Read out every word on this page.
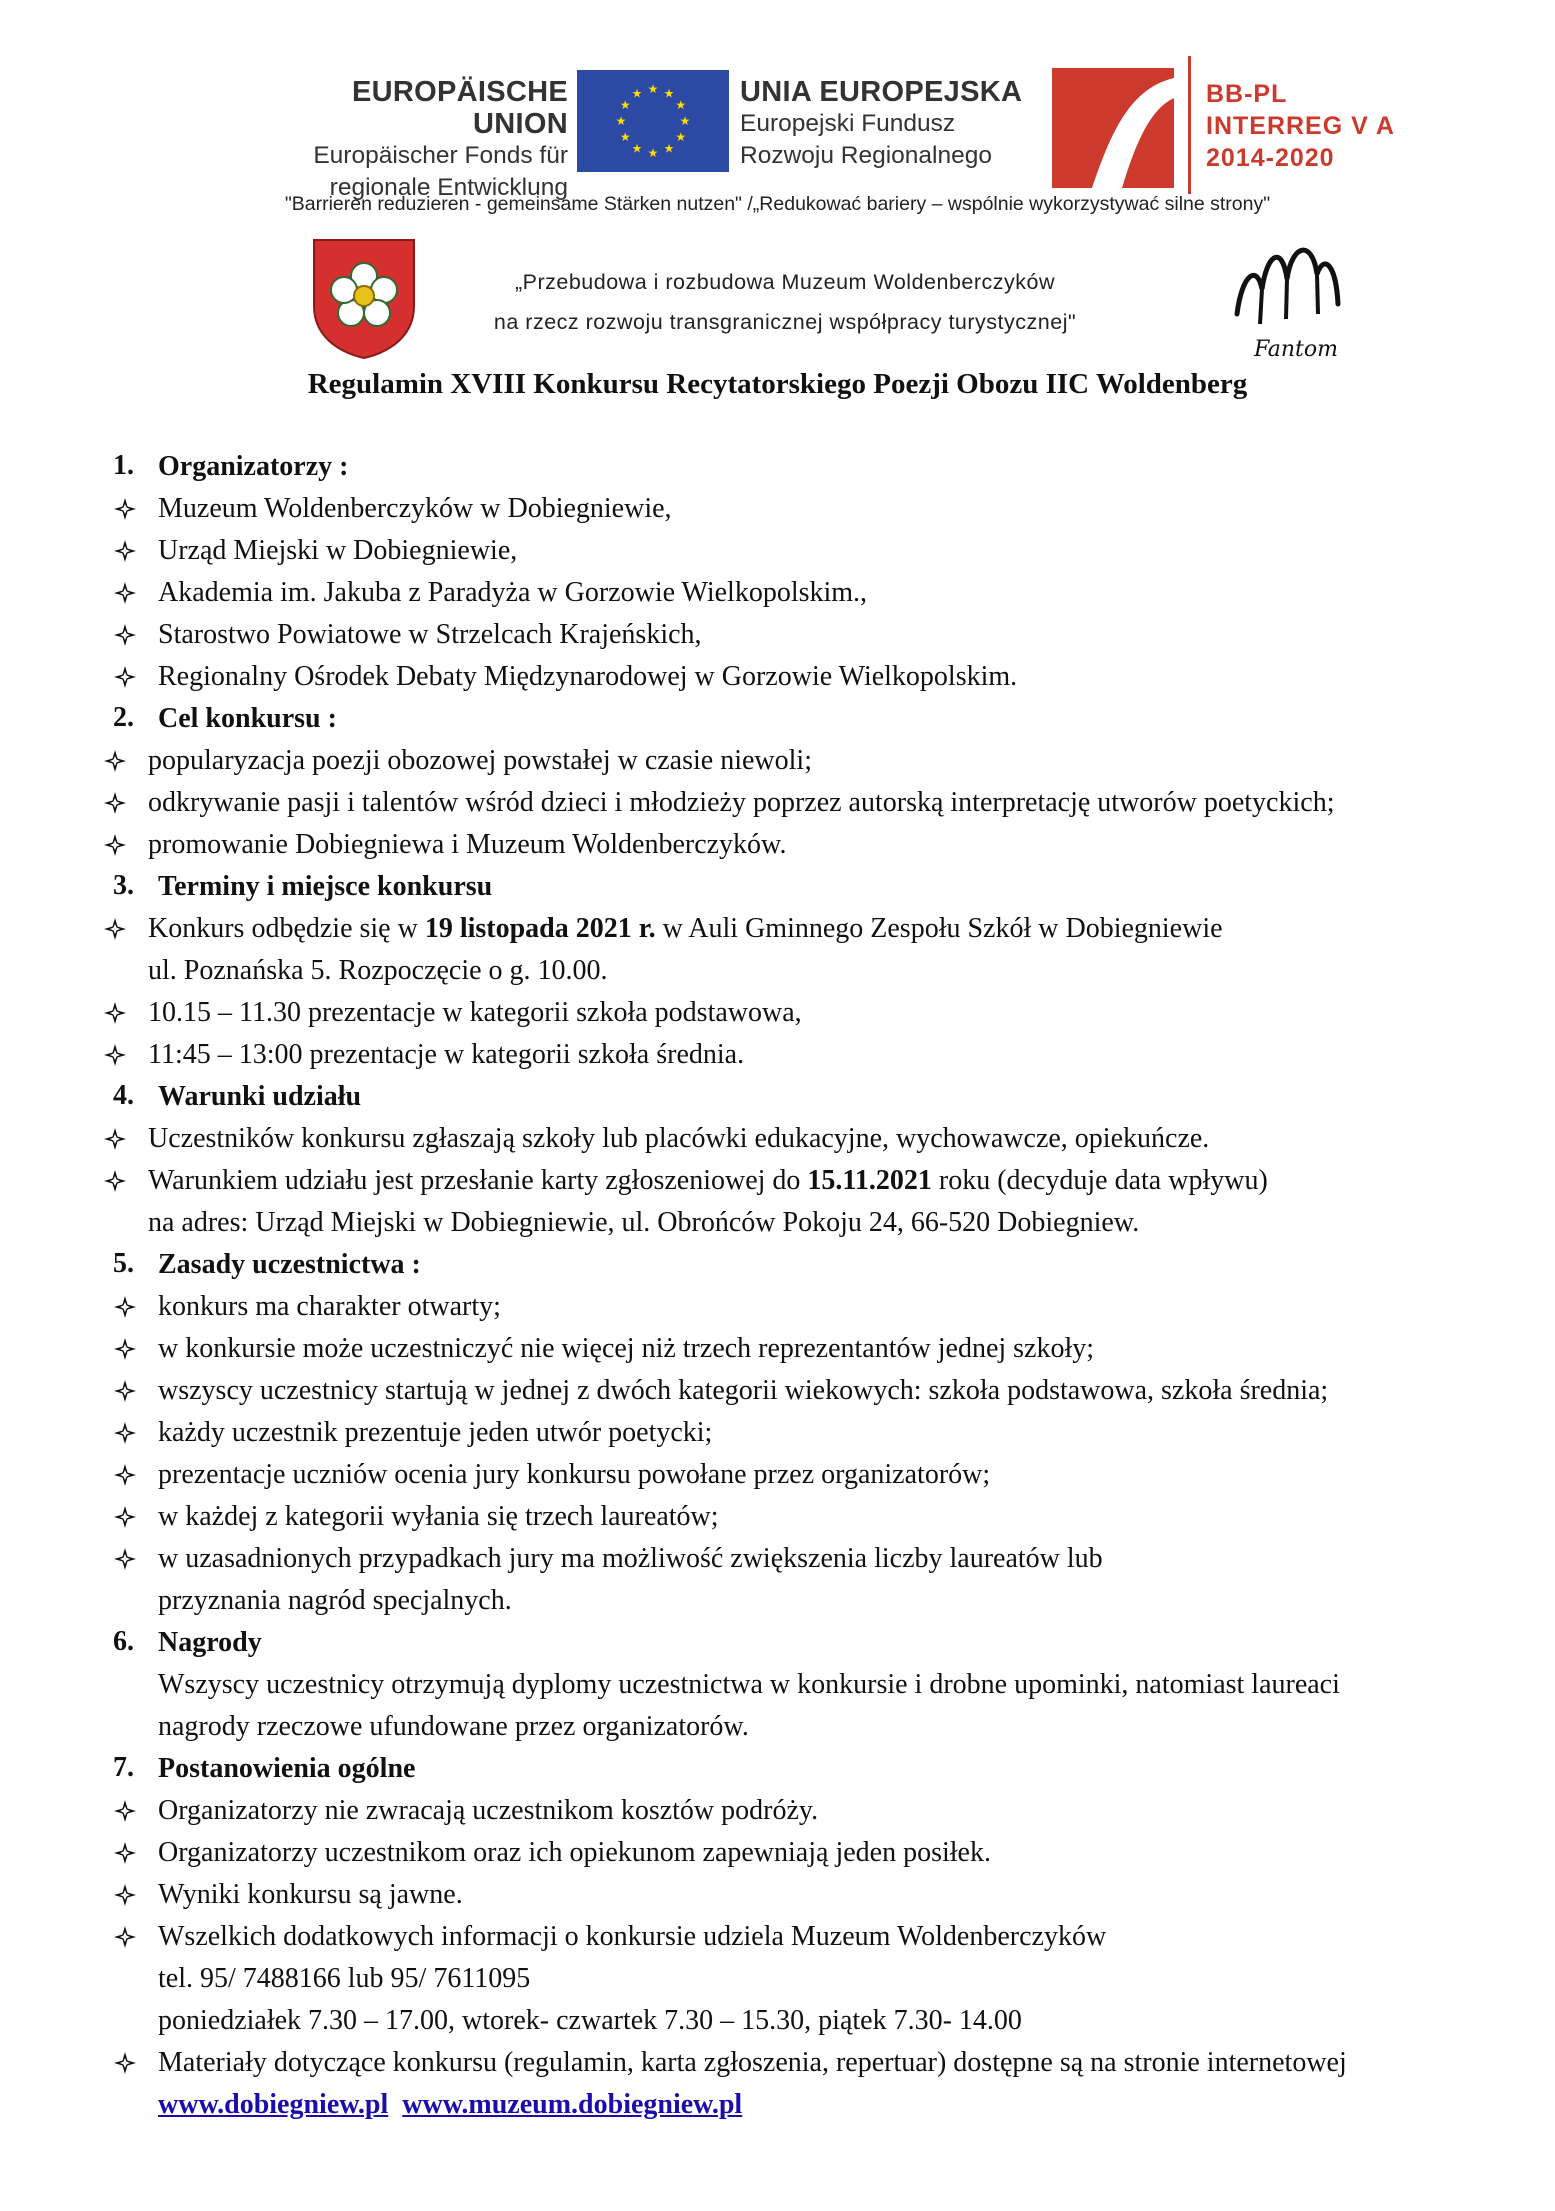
EUROPÄISCHE UNION
Europäischer Fonds für
regionale Entwicklung
★ ★
★
★
★
★
★
★
★
★
★
★	UNIA EUROPEJSKA
Europejski Fundusz
Rozwoju Regionalnego
BB-PL
INTERREG V A
2014-2020
"Barrieren reduzieren - gemeinsame Stärken nutzen" /„Redukować bariery – wspólnie wykorzystywać silne strony"
„Przebudowa i rozbudowa Muzeum Woldenberczyków
na rzecz rozwoju transgranicznej współpracy turystycznej"
Fantom
Regulamin XVIII Konkursu Recytatorskiego Poezji Obozu IIC Woldenberg
1. Organizatorzy :
Muzeum Woldenberczyków w Dobiegniewie,
Urząd Miejski w Dobiegniewie,
Akademia im. Jakuba z Paradyża w Gorzowie Wielkopolskim.,
Starostwo Powiatowe w Strzelcach Krajeńskich,
Regionalny Ośrodek Debaty Międzynarodowej w Gorzowie Wielkopolskim.
2. Cel konkursu :
popularyzacja poezji obozowej powstałej w czasie niewoli;
odkrywanie pasji i talentów wśród dzieci i młodzieży poprzez autorską interpretację utworów poetyckich;
promowanie Dobiegniewa i Muzeum Woldenberczyków.
3. Terminy i miejsce konkursu
Konkurs odbędzie się w 19 listopada 2021 r. w Auli Gminnego Zespołu Szkół w Dobiegniewie
ul. Poznańska 5. Rozpoczęcie o g. 10.00.
10.15 – 11.30 prezentacje w kategorii szkoła podstawowa,
11:45 – 13:00 prezentacje w kategorii szkoła średnia.
4. Warunki udziału
Uczestników konkursu zgłaszają szkoły lub placówki edukacyjne, wychowawcze, opiekuńcze.
Warunkiem udziału jest przesłanie karty zgłoszeniowej do 15.11.2021 roku (decyduje data wpływu)
na adres: Urząd Miejski w Dobiegniewie, ul. Obrońców Pokoju 24, 66-520 Dobiegniew.
5. Zasady uczestnictwa :
konkurs ma charakter otwarty;
w konkursie może uczestniczyć nie więcej niż trzech reprezentantów jednej szkoły;
wszyscy uczestnicy startują w jednej z dwóch kategorii wiekowych: szkoła podstawowa, szkoła średnia;
każdy uczestnik prezentuje jeden utwór poetycki;
prezentacje uczniów ocenia jury konkursu powołane przez organizatorów;
w każdej z kategorii wyłania się trzech laureatów;
w uzasadnionych przypadkach jury ma możliwość zwiększenia liczby laureatów lub
przyznania nagród specjalnych.
6. Nagrody
Wszyscy uczestnicy otrzymują dyplomy uczestnictwa w konkursie i drobne upominki, natomiast laureaci
nagrody rzeczowe ufundowane przez organizatorów.
7. Postanowienia ogólne
Organizatorzy nie zwracają uczestnikom kosztów podróży.
Organizatorzy uczestnikom oraz ich opiekunom zapewniają jeden posiłek.
Wyniki konkursu są jawne.
Wszelkich dodatkowych informacji o konkursie udziela Muzeum Woldenberczyków
tel. 95/ 7488166 lub 95/ 7611095
poniedziałek 7.30 – 17.00, wtorek- czwartek 7.30 – 15.30, piątek 7.30- 14.00
Materiały dotyczące konkursu (regulamin, karta zgłoszenia, repertuar) dostępne są na stronie internetowej
www.dobiegniew.pl www.muzeum.dobiegniew.pl
